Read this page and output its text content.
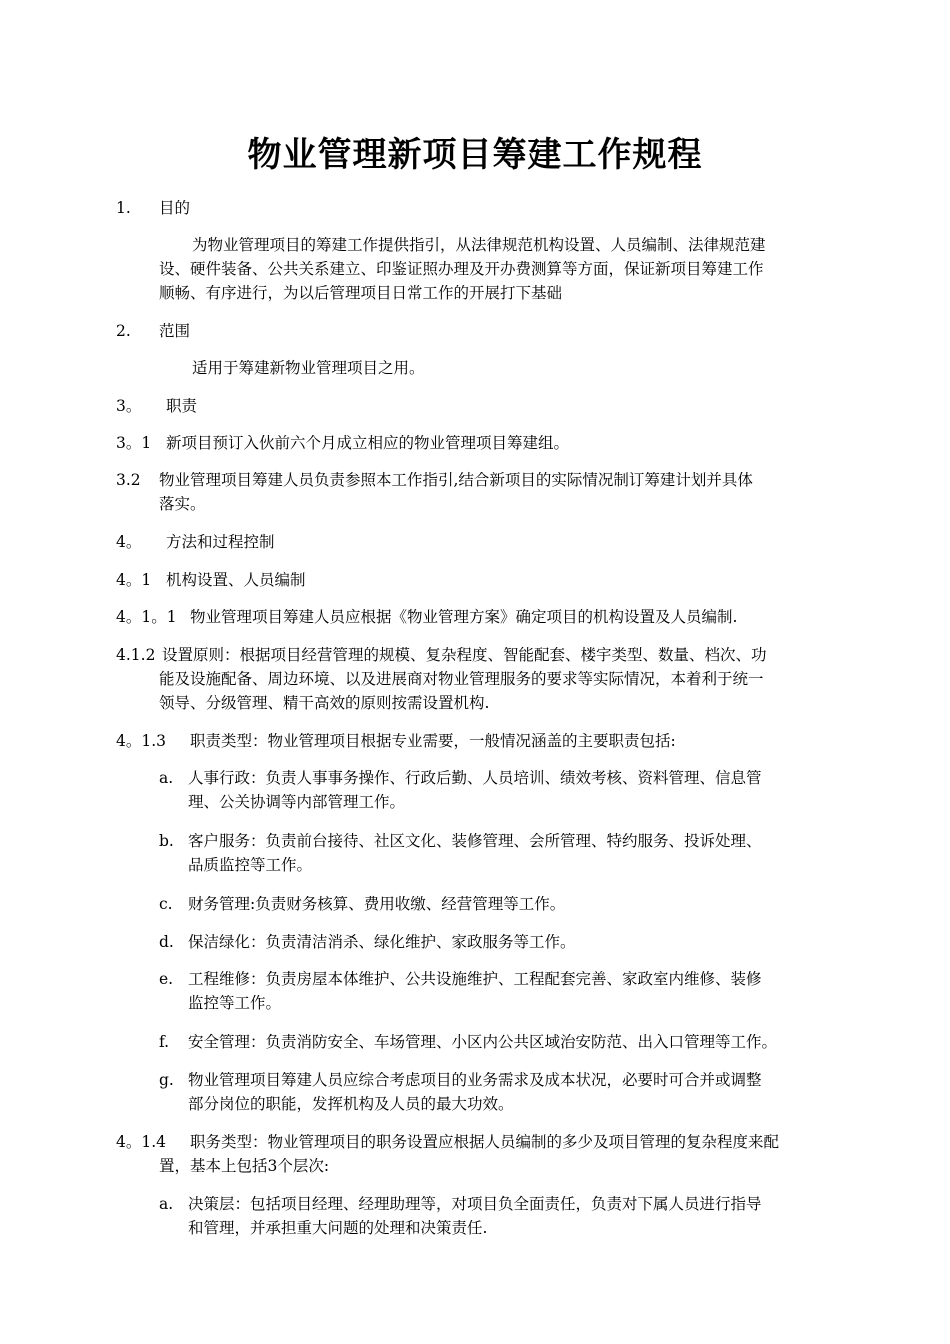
物业管理新项目筹建工作规程
1. 目的
为物业管理项目的筹建工作提供指引，从法律规范机构设置、人员编制、法律规范建
设、硬件装备、公共关系建立、印鉴证照办理及开办费测算等方面，保证新项目筹建工作
顺畅、有序进行，为以后管理项目日常工作的开展打下基础
2. 范围
适用于筹建新物业管理项目之用。
3。 职责
3。1 新项目预订入伙前六个月成立相应的物业管理项目筹建组。
3.2 物业管理项目筹建人员负责参照本工作指引,结合新项目的实际情况制订筹建计划并具体
落实。
4。 方法和过程控制
4。1 机构设置、人员编制
4。1。1 物业管理项目筹建人员应根据《物业管理方案》确定项目的机构设置及人员编制.
4.1.2 设置原则：根据项目经营管理的规模、复杂程度、智能配套、楼宇类型、数量、档次、功
能及设施配备、周边环境、以及进展商对物业管理服务的要求等实际情况，本着利于统一
领导、分级管理、精干高效的原则按需设置机构.
4。1.3 职责类型：物业管理项目根据专业需要，一般情况涵盖的主要职责包括:
a. 人事行政：负责人事事务操作、行政后勤、人员培训、绩效考核、资料管理、信息管
理、公关协调等内部管理工作。
b. 客户服务：负责前台接待、社区文化、装修管理、会所管理、特约服务、投诉处理、
品质监控等工作。
c. 财务管理:负责财务核算、费用收缴、经营管理等工作。
d. 保洁绿化：负责清洁消杀、绿化维护、家政服务等工作。
e. 工程维修：负责房屋本体维护、公共设施维护、工程配套完善、家政室内维修、装修
监控等工作。
f. 安全管理：负责消防安全、车场管理、小区内公共区域治安防范、出入口管理等工作。
g. 物业管理项目筹建人员应综合考虑项目的业务需求及成本状况，必要时可合并或调整
部分岗位的职能，发挥机构及人员的最大功效。
4。1.4 职务类型：物业管理项目的职务设置应根据人员编制的多少及项目管理的复杂程度来配
置，基本上包括3个层次:
a. 决策层：包括项目经理、经理助理等，对项目负全面责任，负责对下属人员进行指导
和管理，并承担重大问题的处理和决策责任.
